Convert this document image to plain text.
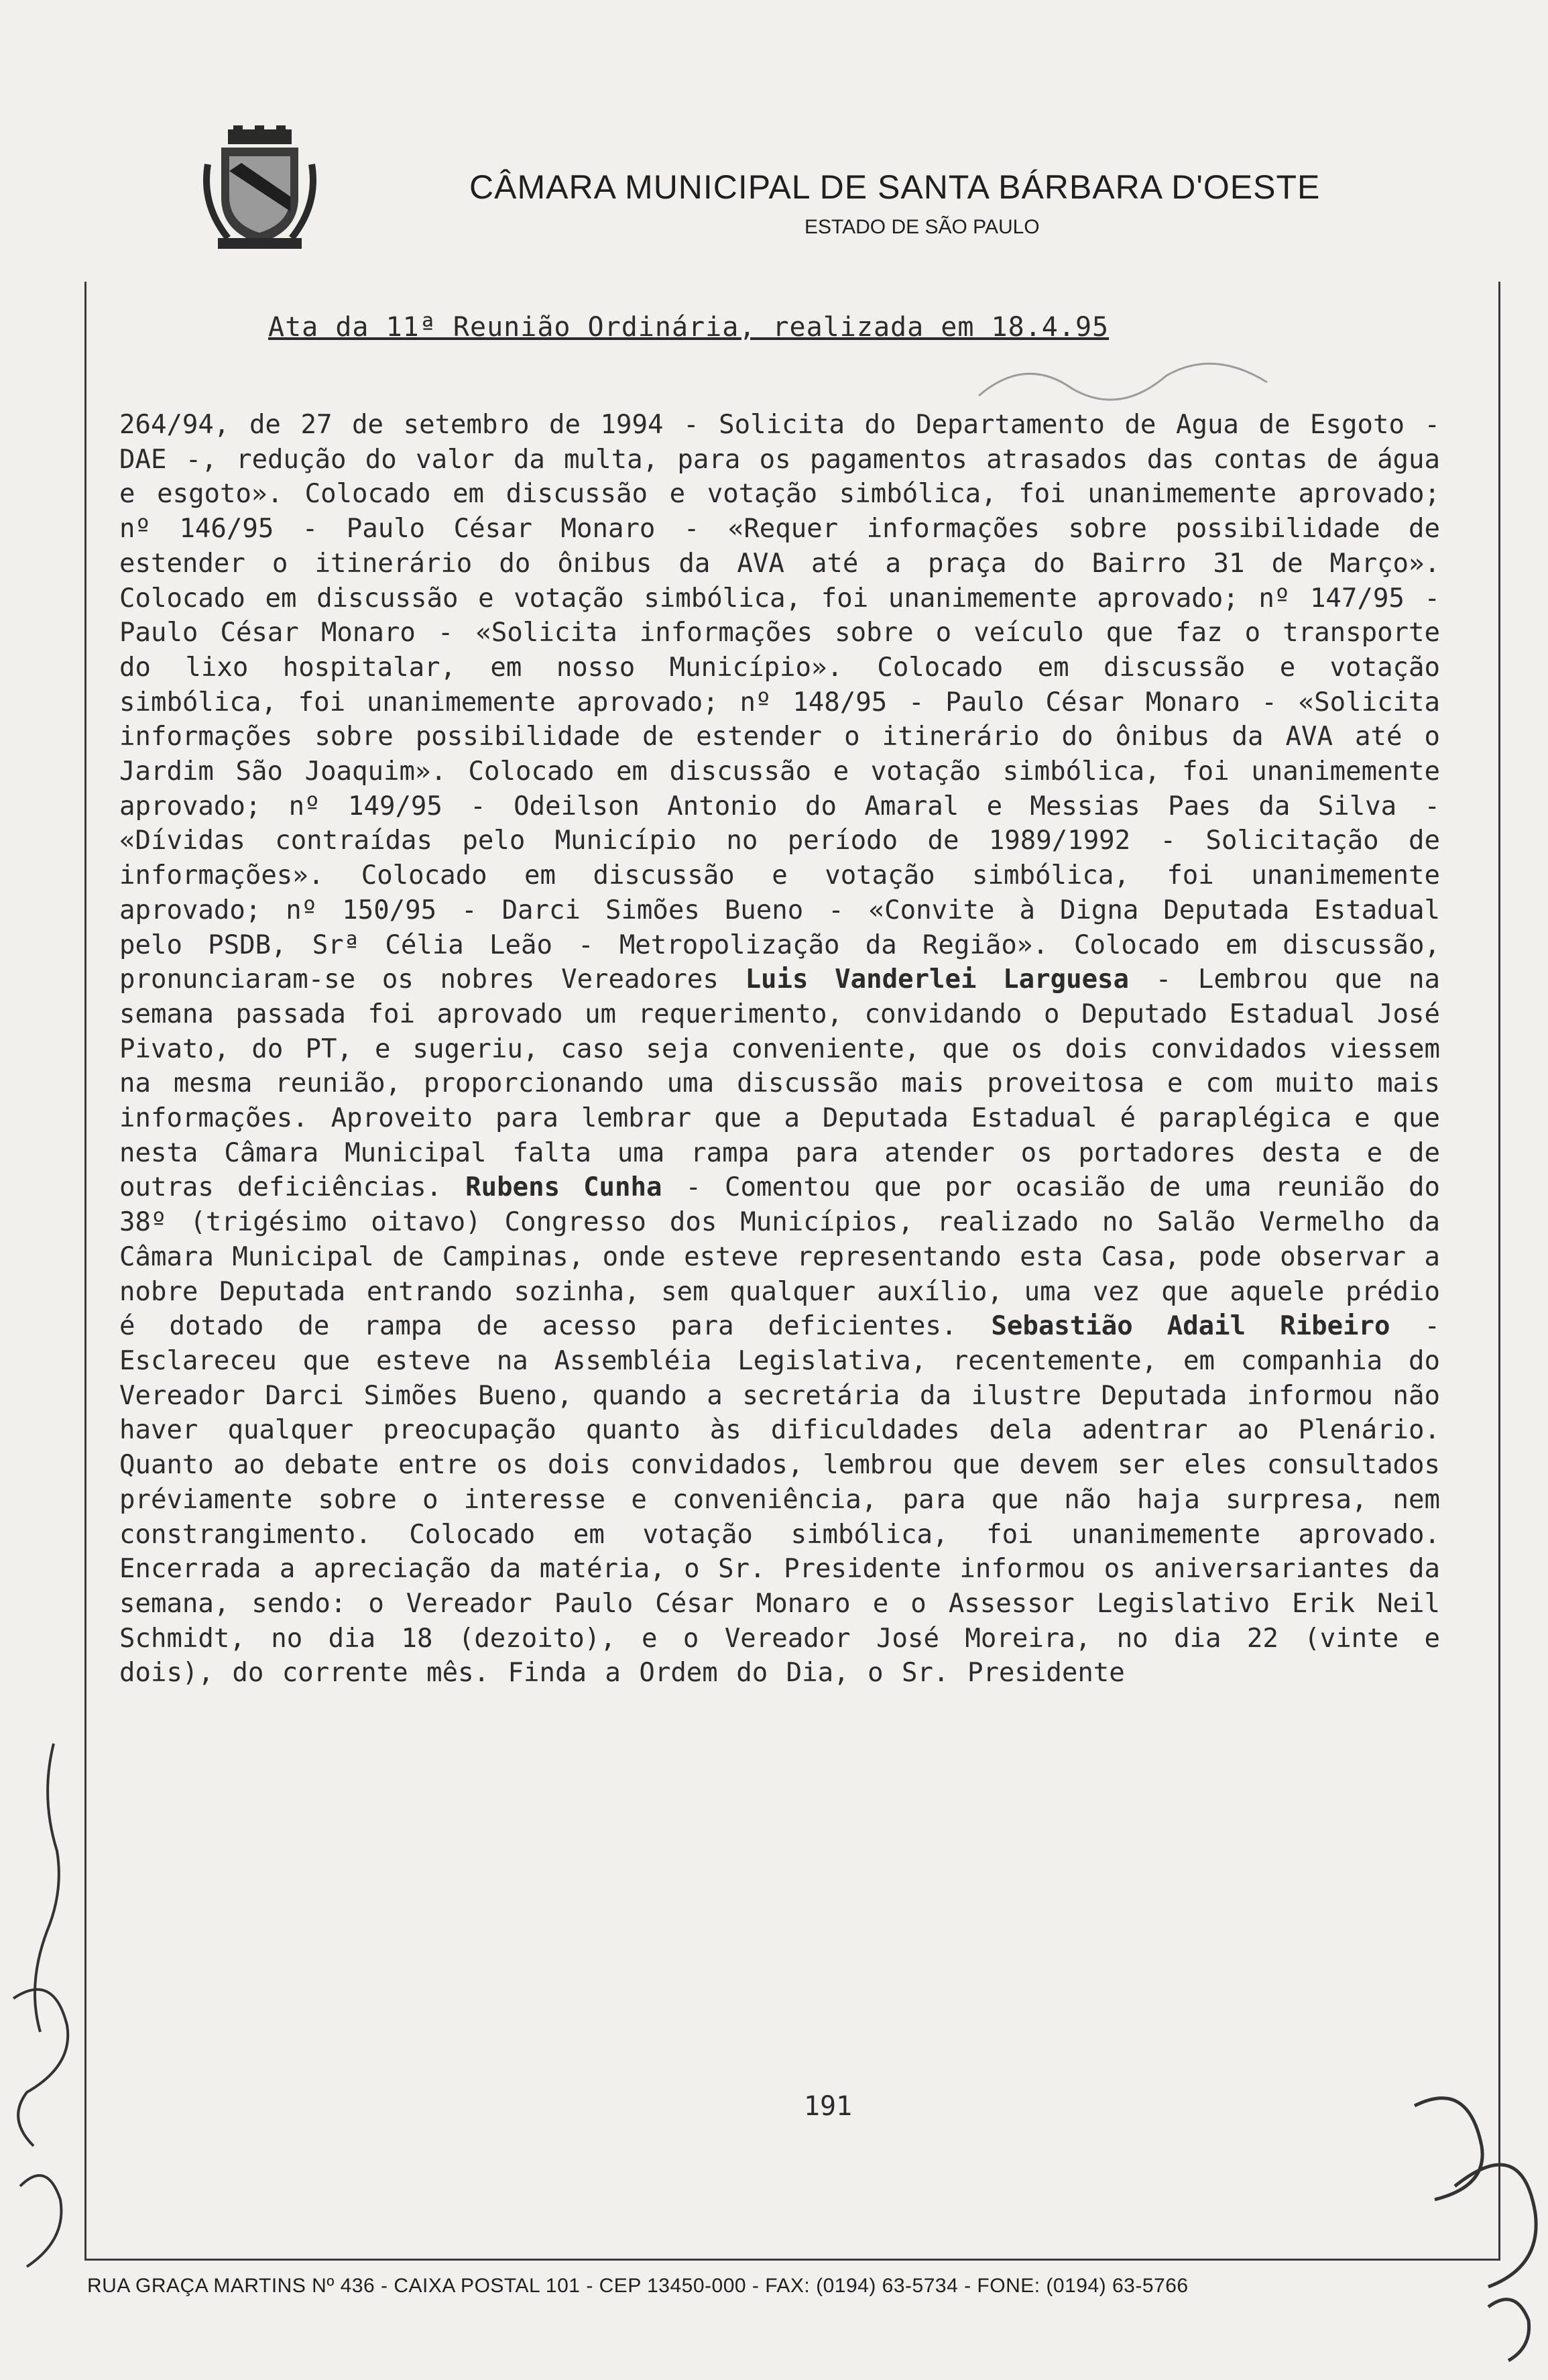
CÂMARA MUNICIPAL DE SANTA BÁRBARA D'OESTE
ESTADO DE SÃO PAULO
Ata da 11ª Reunião Ordinária, realizada em 18.4.95
264/94, de 27 de setembro de 1994 - Solicita do Departamento de Agua de Esgoto - DAE -, redução do valor da multa, para os pagamentos atrasados das contas de água e esgoto». Colocado em discussão e votação simbólica, foi unanimemente aprovado; nº 146/95 - Paulo César Monaro - «Requer informações sobre possibilidade de estender o itinerário do ônibus da AVA até a praça do Bairro 31 de Março». Colocado em discussão e votação simbólica, foi unanimemente aprovado; nº 147/95 - Paulo César Monaro - «Solicita informações sobre o veículo que faz o transporte do lixo hospitalar, em nosso Município». Colocado em discussão e votação simbólica, foi unanimemente aprovado; nº 148/95 - Paulo César Monaro - «Solicita informações sobre possibilidade de estender o itinerário do ônibus da AVA até o Jardim São Joaquim». Colocado em discussão e votação simbólica, foi unanimemente aprovado; nº 149/95 - Odeilson Antonio do Amaral e Messias Paes da Silva - «Dívidas contraídas pelo Município no período de 1989/1992 - Solicitação de informações». Colocado em discussão e votação simbólica, foi unanimemente aprovado; nº 150/95 - Darci Simões Bueno - «Convite à Digna Deputada Estadual pelo PSDB, Srª Célia Leão - Metropolização da Região». Colocado em discussão, pronunciaram-se os nobres Vereadores Luis Vanderlei Larguesa - Lembrou que na semana passada foi aprovado um requerimento, convidando o Deputado Estadual José Pivato, do PT, e sugeriu, caso seja conveniente, que os dois convidados viessem na mesma reunião, proporcionando uma discussão mais proveitosa e com muito mais informações. Aproveito para lembrar que a Deputada Estadual é paraplégica e que nesta Câmara Municipal falta uma rampa para atender os portadores desta e de outras deficiências. Rubens Cunha - Comentou que por ocasião de uma reunião do 38º (trigésimo oitavo) Congresso dos Municípios, realizado no Salão Vermelho da Câmara Municipal de Campinas, onde esteve representando esta Casa, pode observar a nobre Deputada entrando sozinha, sem qualquer auxílio, uma vez que aquele prédio é dotado de rampa de acesso para deficientes. Sebastião Adail Ribeiro - Esclareceu que esteve na Assembléia Legislativa, recentemente, em companhia do Vereador Darci Simões Bueno, quando a secretária da ilustre Deputada informou não haver qualquer preocupação quanto às dificuldades dela adentrar ao Plenário. Quanto ao debate entre os dois convidados, lembrou que devem ser eles consultados préviamente sobre o interesse e conveniência, para que não haja surpresa, nem constrangimento. Colocado em votação simbólica, foi unanimemente aprovado. Encerrada a apreciação da matéria, o Sr. Presidente informou os aniversariantes da semana, sendo: o Vereador Paulo César Monaro e o Assessor Legislativo Erik Neil Schmidt, no dia 18 (dezoito), e o Vereador José Moreira, no dia 22 (vinte e dois), do corrente mês. Finda a Ordem do Dia, o Sr. Presidente
191
RUA GRAÇA MARTINS Nº 436 - CAIXA POSTAL 101 - CEP 13450-000 - FAX: (0194) 63-5734 - FONE: (0194) 63-5766
